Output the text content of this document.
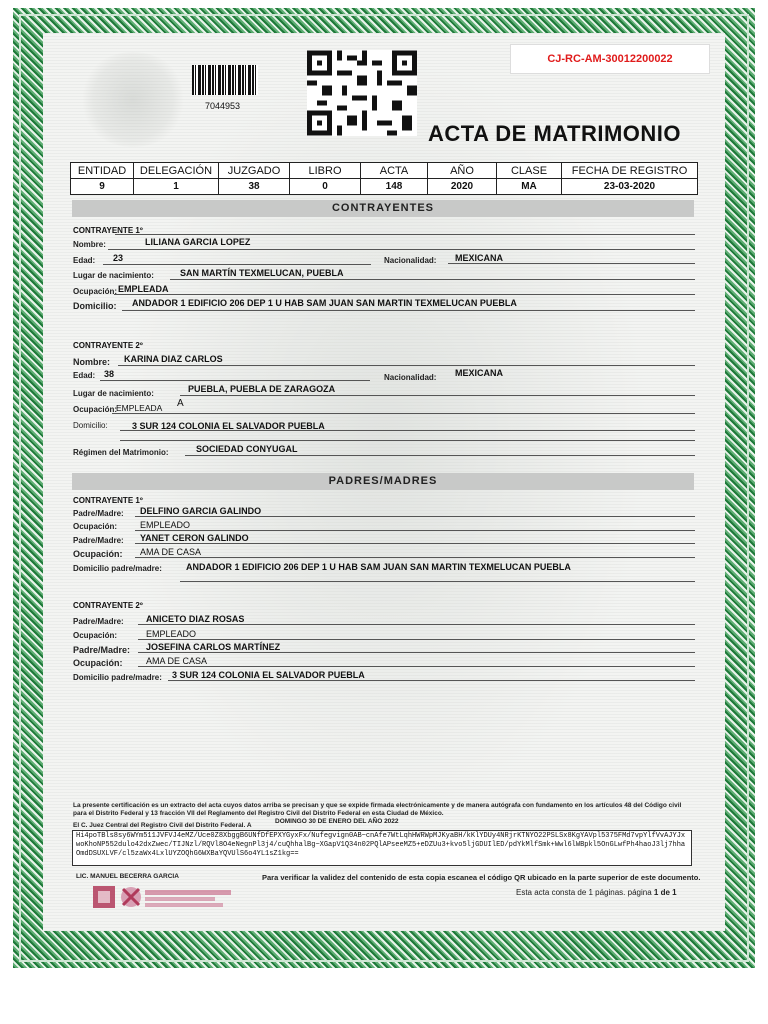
7044953
CJ-RC-AM-30012200022
ACTA DE MATRIMONIO
ENTIDAD	DELEGACIÓN	JUZGADO	LIBRO	ACTA	AÑO	CLASE	FECHA DE REGISTRO
9	1	38	0	148	2020	MA	23-03-2020
CONTRAYENTES
CONTRAYENTE 1º
Nombre:	LILIANA GARCIA LOPEZ
Edad: 23	Nacionalidad: MEXICANA
Lugar de nacimiento:	SAN MARTÍN TEXMELUCAN, PUEBLA
Ocupación: EMPLEADA
Domicilio: ANDADOR 1 EDIFICIO 206 DEP 1 U HAB SAM JUAN SAN MARTIN TEXMELUCAN PUEBLA
CONTRAYENTE 2º
Nombre: KARINA DIAZ CARLOS
Edad: 38	Nacionalidad: MEXICANA
Lugar de nacimiento:	PUEBLA, PUEBLA DE ZARAGOZA
Ocupación:
EMPLEADA A
Domicilio:	3 SUR 124 COLONIA EL SALVADOR PUEBLA
Régimen del Matrimonio:	SOCIEDAD CONYUGAL
PADRES/MADRES
CONTRAYENTE 1º
Padre/Madre: DELFINO GARCIA GALINDO
Ocupación:	EMPLEADO
Padre/Madre: YANET CERON GALINDO
Ocupación: AMA DE CASA
Domicilio padre/madre:	ANDADOR 1 EDIFICIO 206 DEP 1 U HAB SAM JUAN SAN MARTIN TEXMELUCAN PUEBLA
CONTRAYENTE 2º
Padre/Madre: ANICETO DIAZ ROSAS
Ocupación:	EMPLEADO
Padre/Madre: JOSEFINA CARLOS MARTÍNEZ
Ocupación:	AMA DE CASA
Domicilio padre/madre: 3 SUR 124 COLONIA EL SALVADOR PUEBLA
La presente certificación es un extracto del acta cuyos datos arriba se precisan y que se expide firmada electrónicamente y de manera autógrafa con fundamento en los artículos 48 del Código civil para el Distrito Federal y 13 fracción VII del Reglamento del Registro Civil del Distrito Federal en esta Ciudad de México.
El C. Juez Central del Registro Civil del Distrito Federal. A
DOMINGO 30 DE ENERO DEL AÑO 2022
Hi4poTBls8sy6WYm511JVFVJ4eMZ/Uce0Z8XbggB6UNfDfEPXYGyxFx/Nufegvign0AB~cnAfe7WtLqhHWRWpMJKyaBH/kKlYDUy4NRjrKTNYO22PSLSx8KgYAVpl5375FMd7vpYlfVvAJYJxwoKhoNP552dulo42dxZwec/TIJNzl/RQVl8O4eNegnPl3j4/cuQhhalBg~XGapV1Q34n02PQlAPseeMZ5+eDZUu3+kvo5ljGDUIlED/pdYkMlfSmk+Wwl6lWBpkl5OnGLwfPh4haoJ3lj7hhaOmdDSUXLVF/cl5zaWx4LxlUYZOQhG6WXBaYQVUlS6o4YL1sZ1kg==
LIC. MANUEL BECERRA GARCIA	Para verificar la validez del contenido de esta copia escanea el código QR ubicado en la parte superior de este documento.
Esta acta consta de 1 páginas. página 1 de 1
